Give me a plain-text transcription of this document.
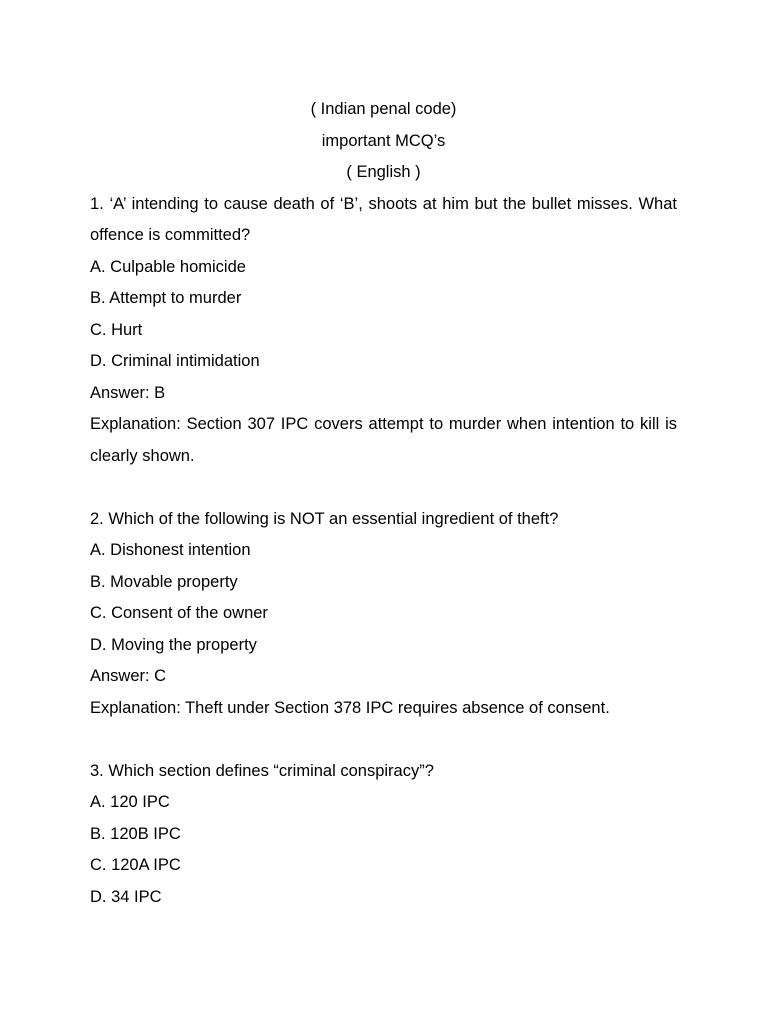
( Indian penal code)

important MCQ’s

( English )

1. ‘A’ intending to cause death of ‘B’, shoots at him but the bullet misses. What offence is committed?

A. Culpable homicide

B. Attempt to murder

C. Hurt

D. Criminal intimidation

Answer: B

Explanation: Section 307 IPC covers attempt to murder when intention to kill is clearly shown.

2. Which of the following is NOT an essential ingredient of theft?

A. Dishonest intention

B. Movable property

C. Consent of the owner

D. Moving the property

Answer: C

Explanation: Theft under Section 378 IPC requires absence of consent.

3. Which section defines “criminal conspiracy”?

A. 120 IPC

B. 120B IPC

C. 120A IPC

D. 34 IPC
